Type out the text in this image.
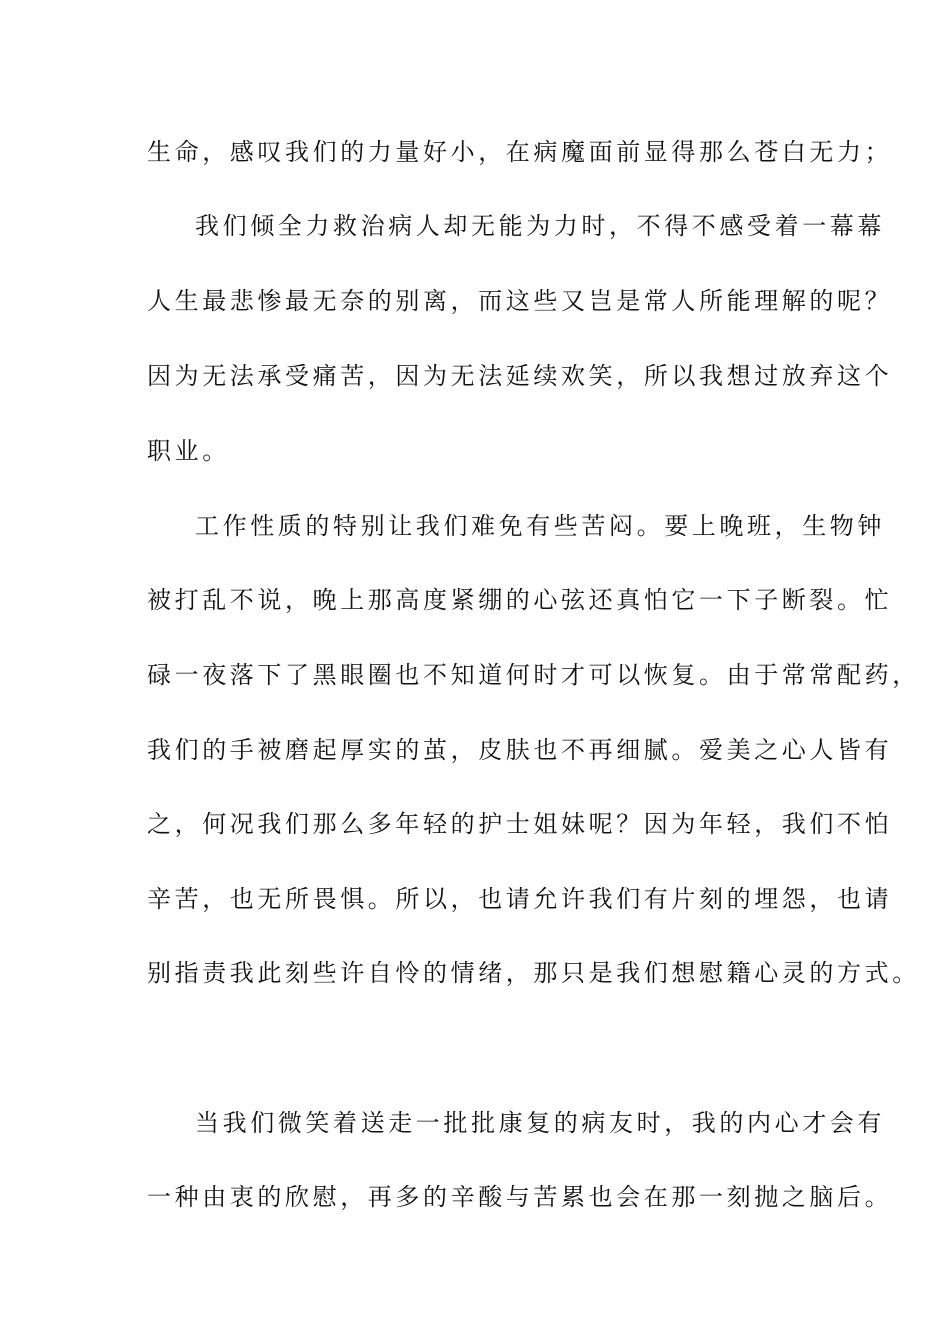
生命，感叹我们的力量好小，在病魔面前显得那么苍白无力；

我们倾全力救治病人却无能为力时，不得不感受着一幕幕

人生最悲惨最无奈的别离，而这些又岂是常人所能理解的呢？

因为无法承受痛苦，因为无法延续欢笑，所以我想过放弃这个

职业。

工作性质的特别让我们难免有些苦闷。要上晚班，生物钟

被打乱不说，晚上那高度紧绷的心弦还真怕它一下子断裂。忙

碌一夜落下了黑眼圈也不知道何时才可以恢复。由于常常配药，

我们的手被磨起厚实的茧，皮肤也不再细腻。爱美之心人皆有

之，何况我们那么多年轻的护士姐妹呢？因为年轻，我们不怕

辛苦，也无所畏惧。所以，也请允许我们有片刻的埋怨，也请

别指责我此刻些许自怜的情绪，那只是我们想慰籍心灵的方式。

当我们微笑着送走一批批康复的病友时，我的内心才会有

一种由衷的欣慰，再多的辛酸与苦累也会在那一刻抛之脑后。
